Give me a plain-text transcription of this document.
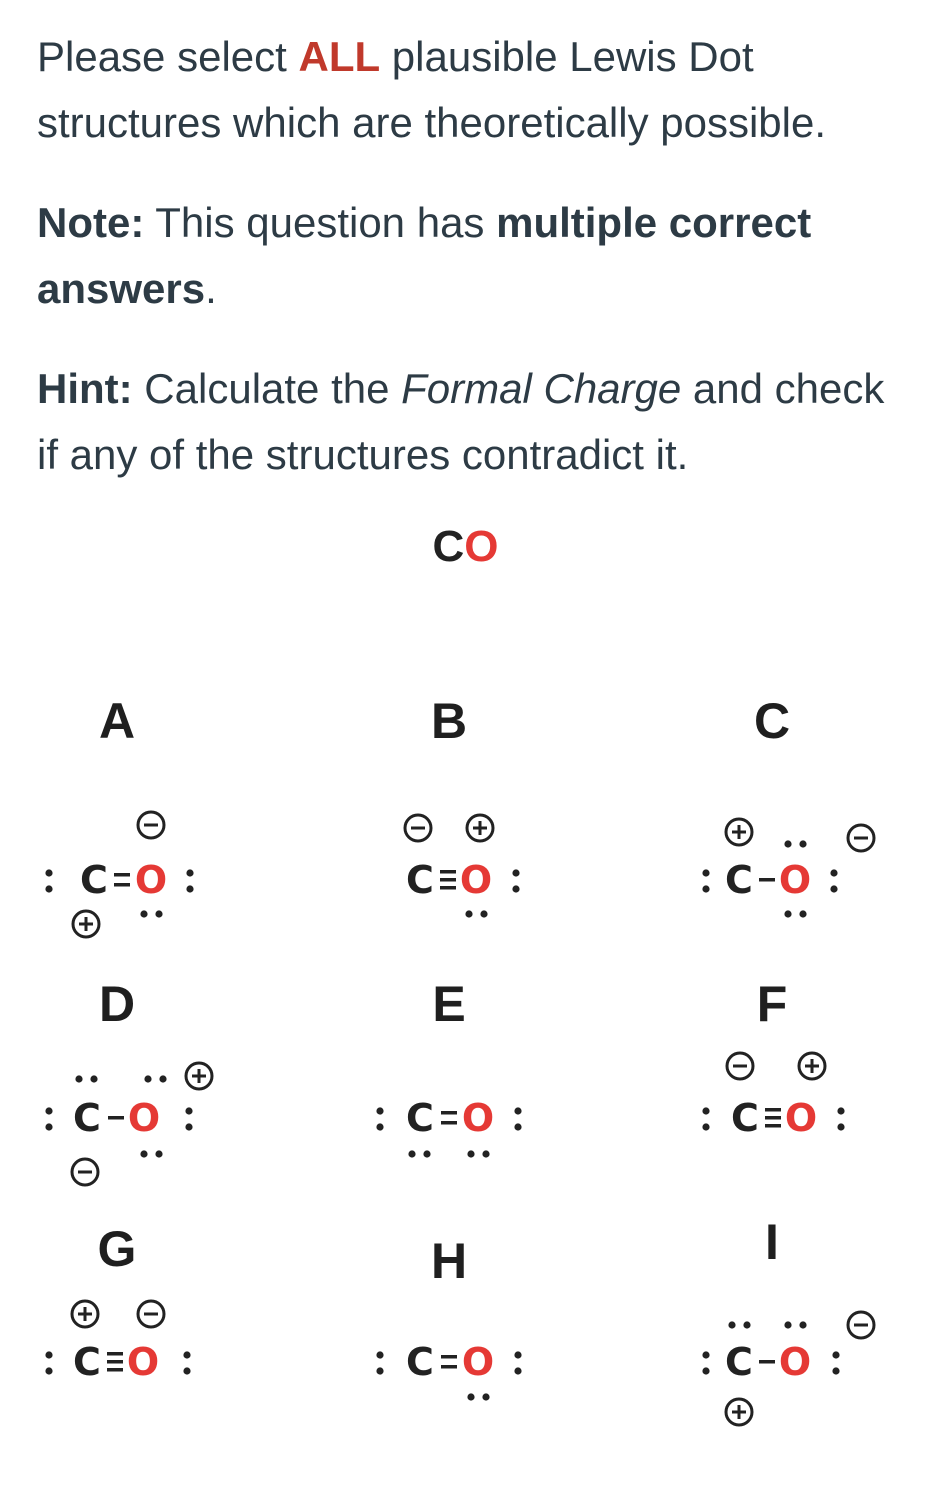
Please select ALL plausible Lewis Dot structures which are theoretically possible.

Note: This question has multiple correct answers.

Hint: Calculate the Formal Charge and check if any of the structures contradict it.

CO
A	B	C
D	E	F
G	H	I
C O	C O	C O
C O	C O	C O
C O	C O	C O
